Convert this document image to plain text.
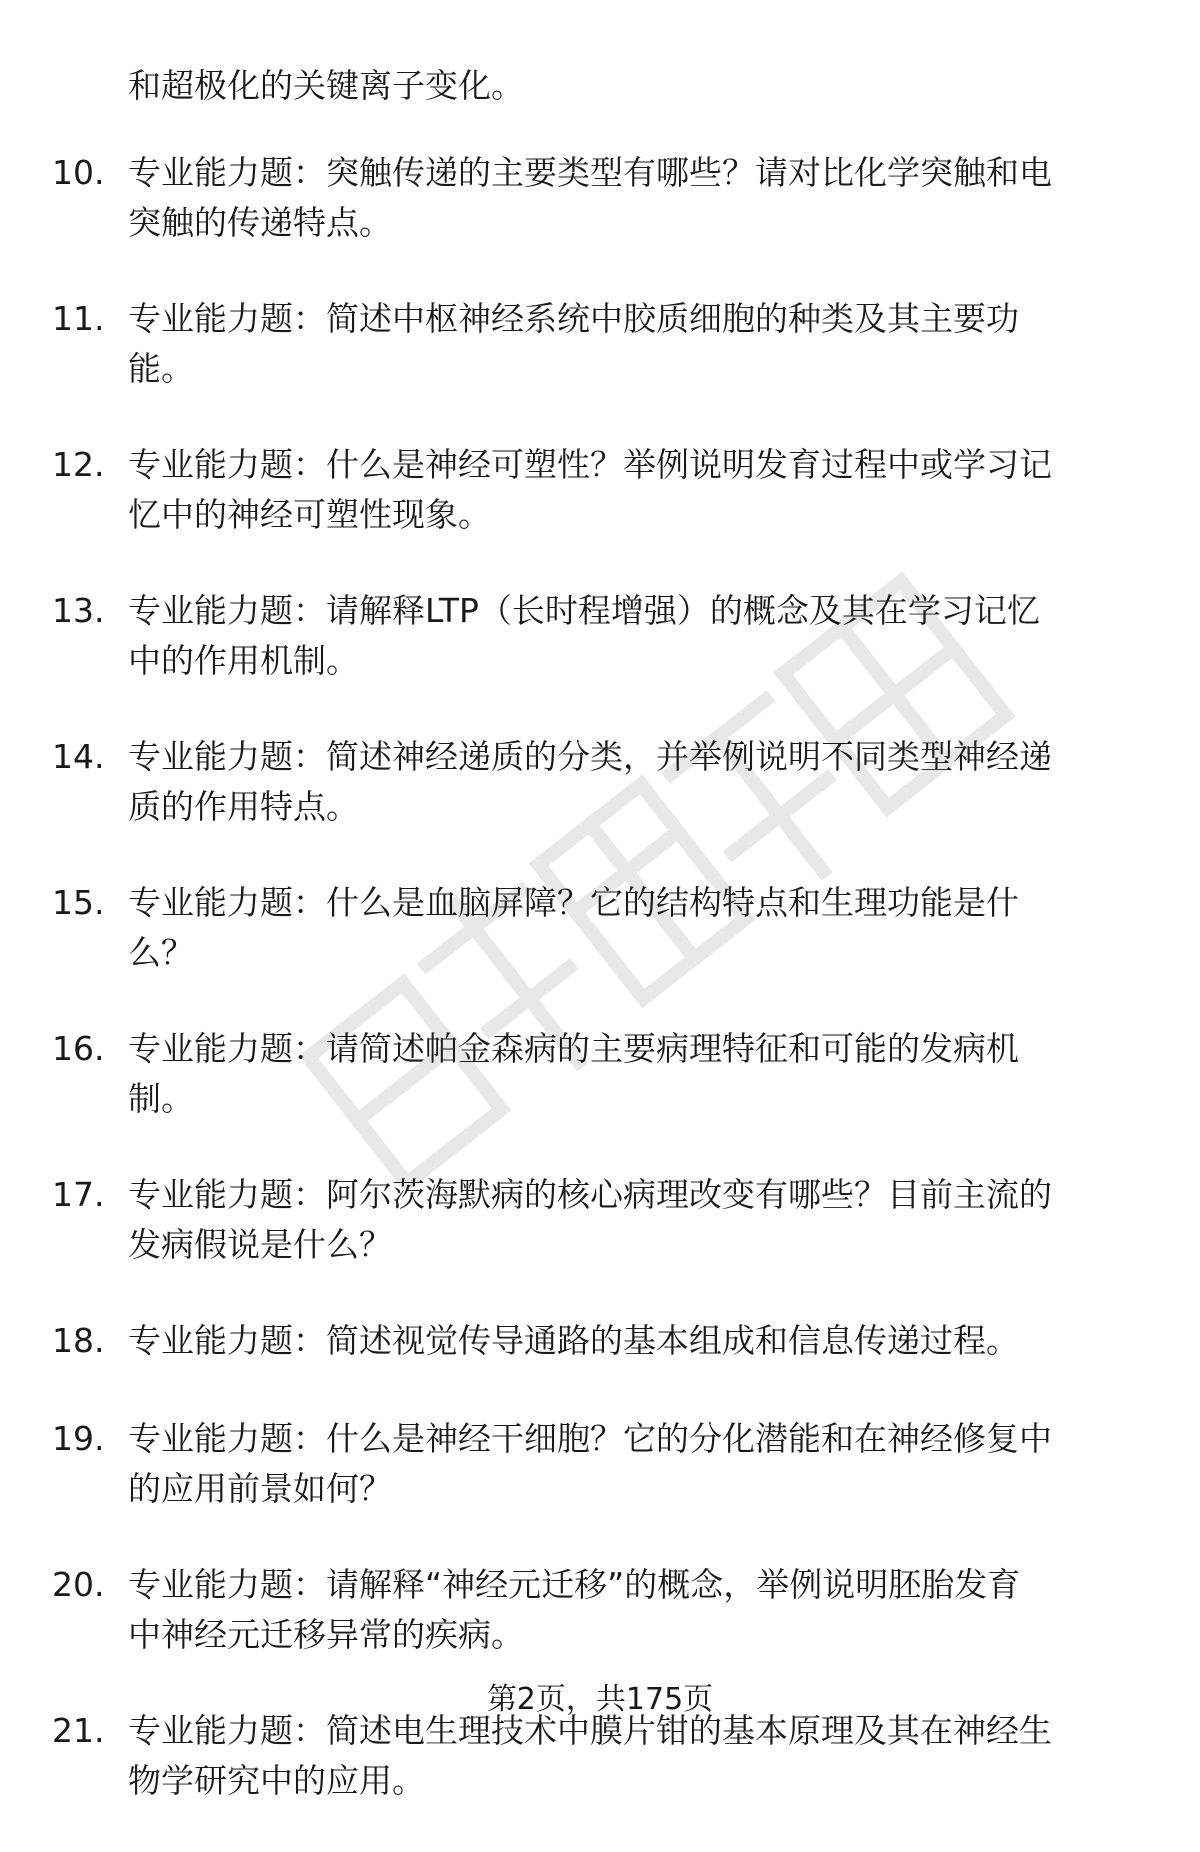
和超极化的关键离子变化。
10. 专业能力题：突触传递的主要类型有哪些？请对比化学突触和电
突触的传递特点。
11. 专业能力题：简述中枢神经系统中胶质细胞的种类及其主要功
能。
12. 专业能力题：什么是神经可塑性？举例说明发育过程中或学习记
忆中的神经可塑性现象。
13. 专业能力题：请解释LTP（长时程增强）的概念及其在学习记忆
中的作用机制。
14. 专业能力题：简述神经递质的分类，并举例说明不同类型神经递
质的作用特点。
15. 专业能力题：什么是血脑屏障？它的结构特点和生理功能是什
么？
16. 专业能力题：请简述帕金森病的主要病理特征和可能的发病机
制。
17. 专业能力题：阿尔茨海默病的核心病理改变有哪些？目前主流的
发病假说是什么？
18. 专业能力题：简述视觉传导通路的基本组成和信息传递过程。
19. 专业能力题：什么是神经干细胞？它的分化潜能和在神经修复中
的应用前景如何？
20. 专业能力题：请解释“神经元迁移”的概念，举例说明胚胎发育
中神经元迁移异常的疾病。
21. 专业能力题：简述电生理技术中膜片钳的基本原理及其在神经生
物学研究中的应用。
第2页，共175页
